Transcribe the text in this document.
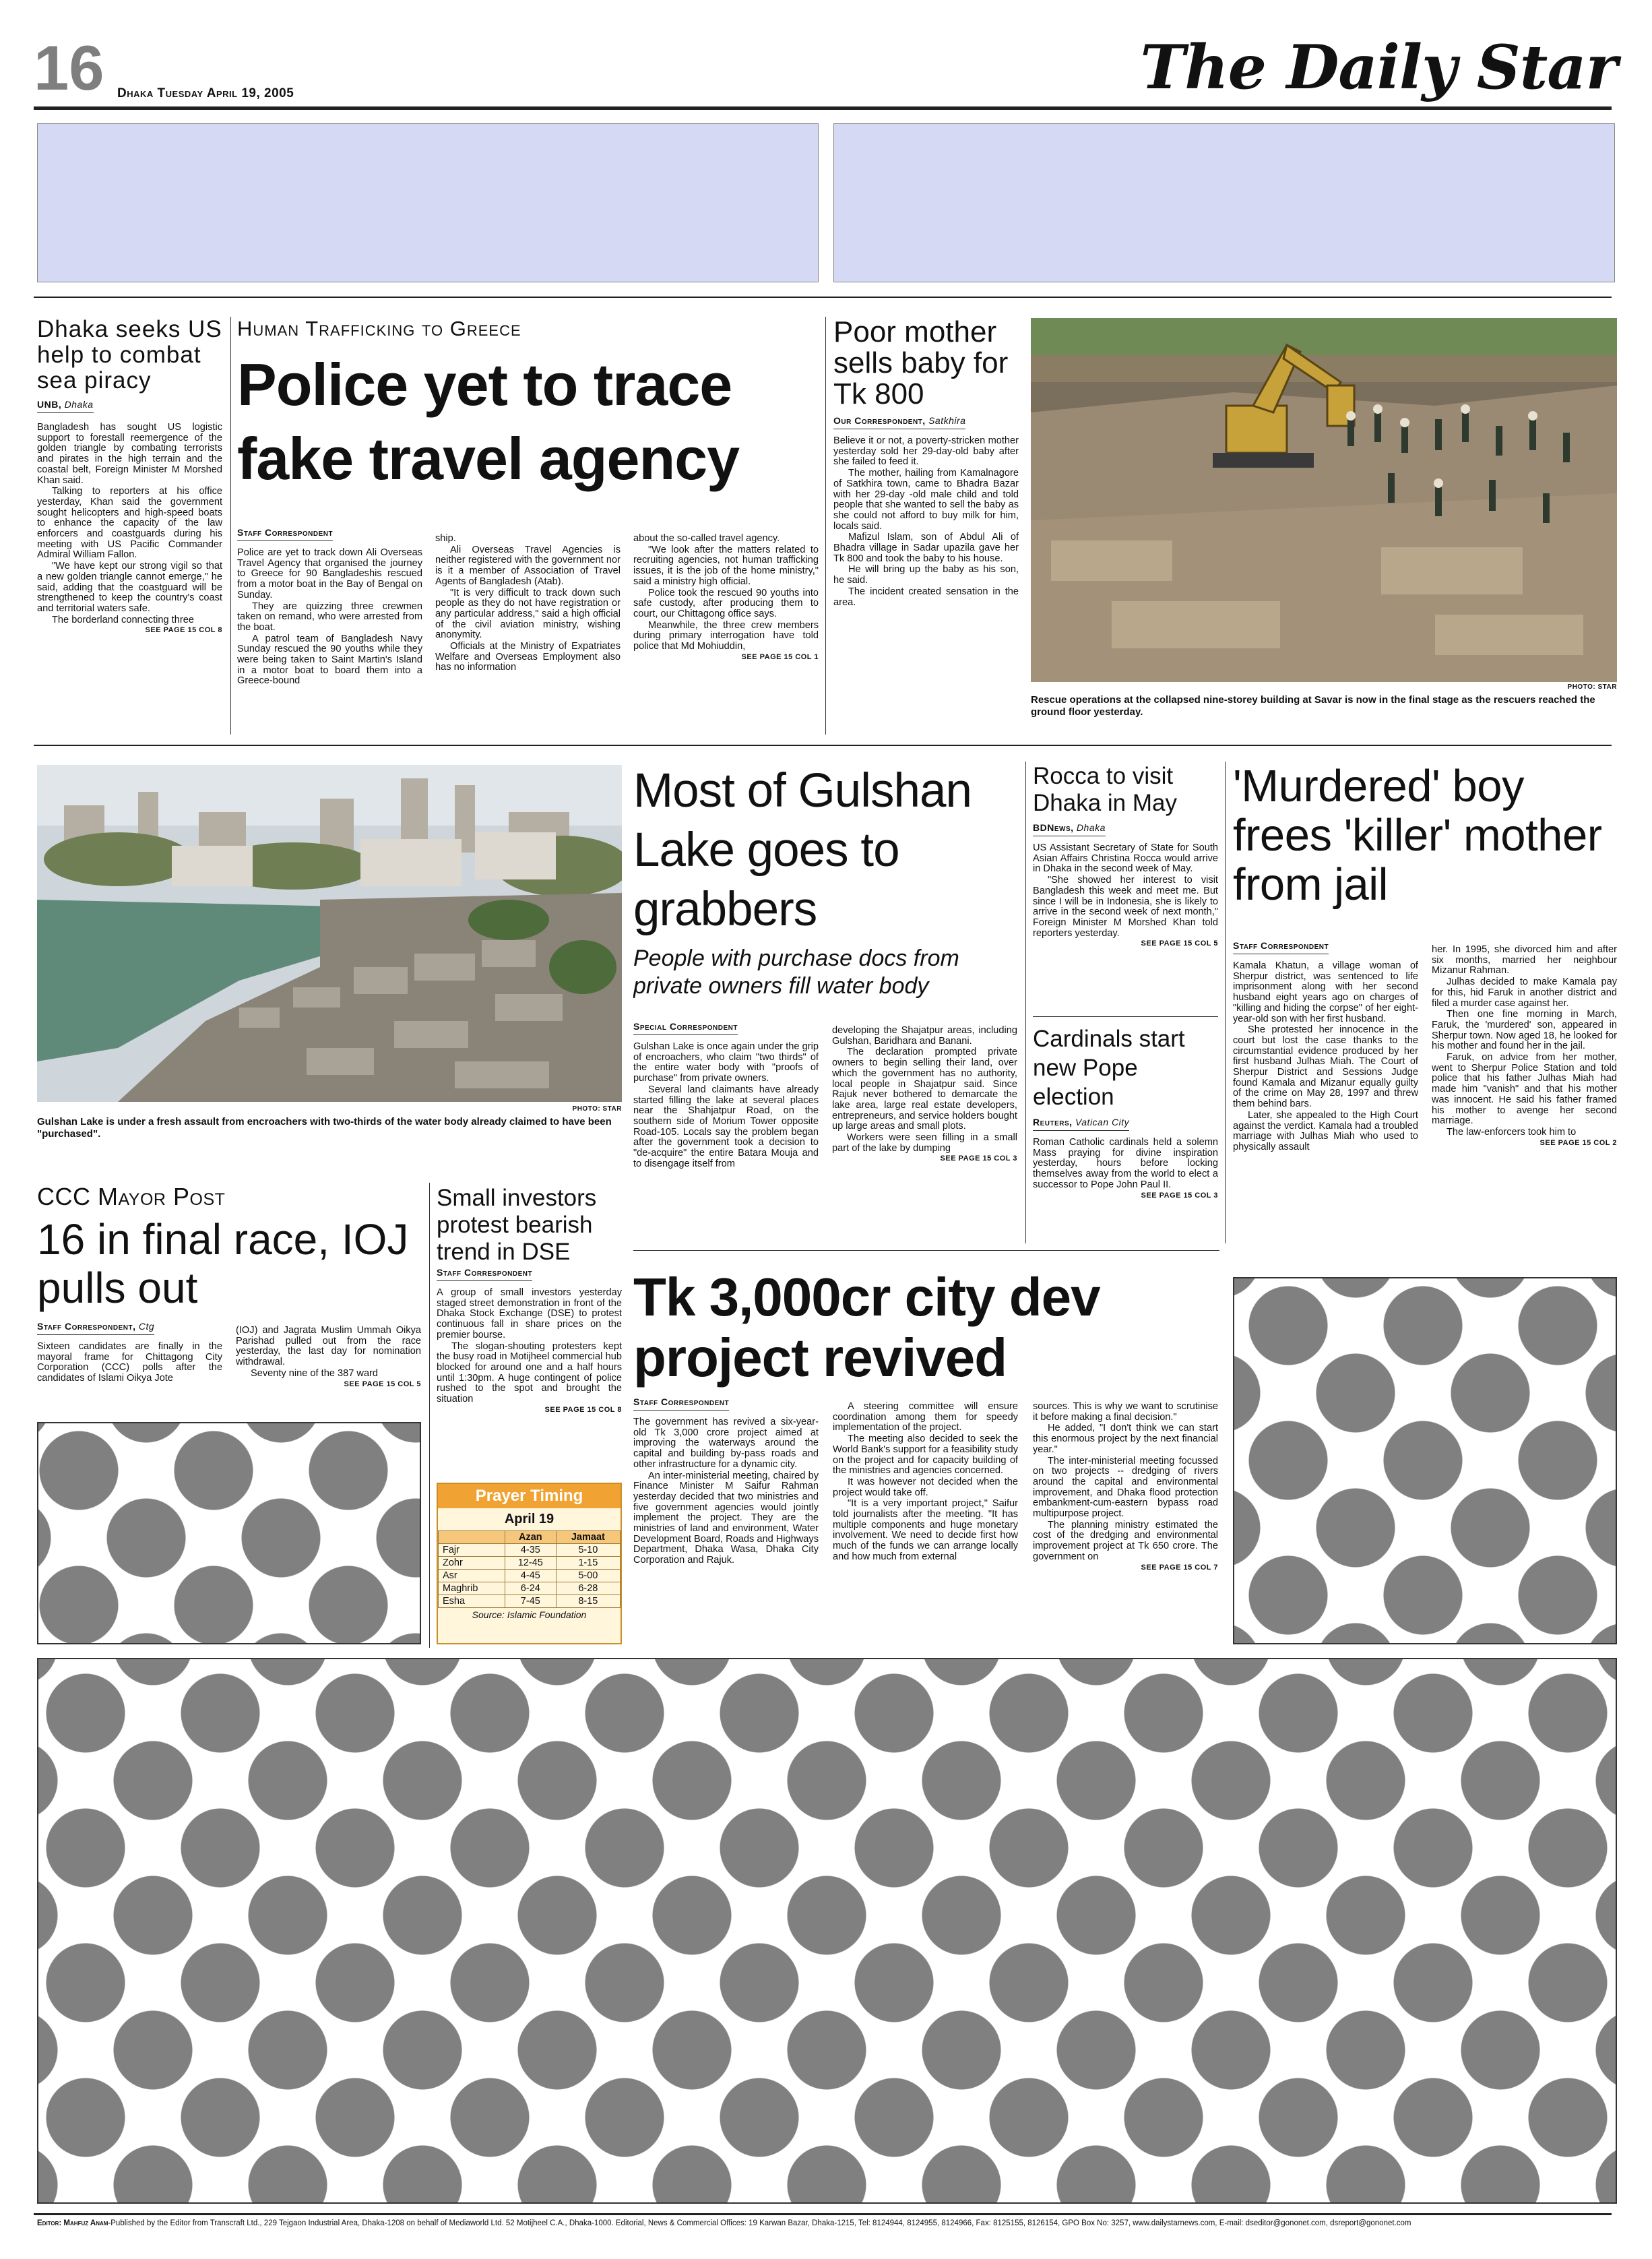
16 Dhaka Tuesday April 19, 2005	The Daily Star
Dhaka seeks US help to combat sea piracy
UNB, Dhaka

Bangladesh has sought US logistic support to forestall reemergence of the golden triangle by combating terrorists and pirates in the high terrain and the coastal belt, Foreign Minister M Morshed Khan said.

Talking to reporters at his office yesterday, Khan said the government sought helicopters and high-speed boats to enhance the capacity of the law enforcers and coastguards during his meeting with US Pacific Commander Admiral William Fallon.

"We have kept our strong vigil so that a new golden triangle cannot emerge," he said, adding that the coastguard will be strengthened to keep the country's coast and territorial waters safe.

The borderland connecting three

SEE PAGE 15 COL 8
Human Trafficking to Greece
Police yet to trace fake travel agency
Staff Correspondent

Police are yet to track down Ali Overseas Travel Agency that organised the journey to Greece for 90 Bangladeshis rescued from a motor boat in the Bay of Bengal on Sunday.

They are quizzing three crewmen taken on remand, who were arrested from the boat.

A patrol team of Bangladesh Navy Sunday rescued the 90 youths while they were being taken to Saint Martin's Island in a motor boat to board them into a Greece-bound

ship.

Ali Overseas Travel Agencies is neither registered with the government nor is it a member of Association of Travel Agents of Bangladesh (Atab).

"It is very difficult to track down such people as they do not have registration or any particular address," said a high official of the civil aviation ministry, wishing anonymity.

Officials at the Ministry of Expatriates Welfare and Overseas Employment also has no information

about the so-called travel agency.

"We look after the matters related to recruiting agencies, not human trafficking issues, it is the job of the home ministry," said a ministry high official.

Police took the rescued 90 youths into safe custody, after producing them to court, our Chittagong office says.

Meanwhile, the three crew members during primary interrogation have told police that Md Mohiuddin,

SEE PAGE 15 COL 1
Poor mother sells baby for Tk 800
Our Correspondent, Satkhira

Believe it or not, a poverty-stricken mother yesterday sold her 29-day-old baby after she failed to feed it.

The mother, hailing from Kamalnagore of Satkhira town, came to Bhadra Bazar with her 29-day -old male child and told people that she wanted to sell the baby as she could not afford to buy milk for him, locals said.

Mafizul Islam, son of Abdul Ali of Bhadra village in Sadar upazila gave her Tk 800 and took the baby to his house.

He will bring up the baby as his son, he said.

The incident created sensation in the area.

PHOTO: STAR
Rescue operations at the collapsed nine-storey building at Savar is now in the final stage as the rescuers reached the ground floor yesterday.
PHOTO: STAR
Gulshan Lake is under a fresh assault from encroachers with two-thirds of the water body already claimed to have been "purchased".
Most of Gulshan Lake goes to grabbers
People with purchase docs from private owners fill water body
Special Correspondent

Gulshan Lake is once again under the grip of encroachers, who claim "two thirds" of the entire water body with "proofs of purchase" from private owners.

Several land claimants have already started filling the lake at several places near the Shahjatpur Road, on the southern side of Morium Tower opposite Road-105. Locals say the problem began after the government took a decision to "de-acquire" the entire Batara Mouja and to disengage itself from

developing the Shajatpur areas, including Gulshan, Baridhara and Banani.

The declaration prompted private owners to begin selling their land, over which the government has no authority, local people in Shajatpur said. Since Rajuk never bothered to demarcate the lake area, large real estate developers, entrepreneurs, and service holders bought up large areas and small plots.

Workers were seen filling in a small part of the lake by dumping

SEE PAGE 15 COL 3
Rocca to visit Dhaka in May
BDNews, Dhaka

US Assistant Secretary of State for South Asian Affairs Christina Rocca would arrive in Dhaka in the second week of May.

"She showed her interest to visit Bangladesh this week and meet me. But since I will be in Indonesia, she is likely to arrive in the second week of next month," Foreign Minister M Morshed Khan told reporters yesterday.

SEE PAGE 15 COL 5
Cardinals start new Pope election
Reuters, Vatican City

Roman Catholic cardinals held a solemn Mass praying for divine inspiration yesterday, hours before locking themselves away from the world to elect a successor to Pope John Paul II.

SEE PAGE 15 COL 3
'Murdered' boy frees 'killer' mother from jail
Staff Correspondent

Kamala Khatun, a village woman of Sherpur district, was sentenced to life imprisonment along with her second husband eight years ago on charges of "killing and hiding the corpse" of her eight-year-old son with her first husband.

She protested her innocence in the court but lost the case thanks to the circumstantial evidence produced by her first husband Julhas Miah. The Court of Sherpur District and Sessions Judge found Kamala and Mizanur equally guilty of the crime on May 28, 1997 and threw them behind bars.

Later, she appealed to the High Court against the verdict. Kamala had a troubled marriage with Julhas Miah who used to physically assault

her. In 1995, she divorced him and after six months, married her neighbour Mizanur Rahman.

Julhas decided to make Kamala pay for this, hid Faruk in another district and filed a murder case against her.

Then one fine morning in March, Faruk, the 'murdered' son, appeared in Sherpur town. Now aged 18, he looked for his mother and found her in the jail.

Faruk, on advice from her mother, went to Sherpur Police Station and told police that his father Julhas Miah had made him "vanish" and that his mother was innocent. He said his father framed his mother to avenge her second marriage.

The law-enforcers took him to

SEE PAGE 15 COL 2
CCC Mayor Post
16 in final race, IOJ pulls out
Staff Correspondent, Ctg

Sixteen candidates are finally in the mayoral frame for Chittagong City Corporation (CCC) polls after the candidates of Islami Oikya Jote

(IOJ) and Jagrata Muslim Ummah Oikya Parishad pulled out from the race yesterday, the last day for nomination withdrawal.

Seventy nine of the 387 ward

SEE PAGE 15 COL 5
Small investors protest bearish trend in DSE
Staff Correspondent

A group of small investors yesterday staged street demonstration in front of the Dhaka Stock Exchange (DSE) to protest continuous fall in share prices on the premier bourse.

The slogan-shouting protesters kept the busy road in Motijheel commercial hub blocked for around one and a half hours until 1:30pm. A huge contingent of police rushed to the spot and brought the situation

SEE PAGE 15 COL 8
Prayer Timing
April 19
	Azan	Jamaat
Fajr	4-35	5-10
Zohr	12-45	1-15
Asr	4-45	5-00
Maghrib	6-24	6-28
Esha	7-45	8-15
Source: Islamic Foundation
Tk 3,000cr city dev project revived
Staff Correspondent

The government has revived a six-year-old Tk 3,000 crore project aimed at improving the waterways around the capital and building by-pass roads and other infrastructure for a dynamic city.

An inter-ministerial meeting, chaired by Finance Minister M Saifur Rahman yesterday decided that two ministries and five government agencies would jointly implement the project. They are the ministries of land and environment, Water Development Board, Roads and Highways Department, Dhaka Wasa, Dhaka City Corporation and Rajuk.

A steering committee will ensure coordination among them for speedy implementation of the project.

The meeting also decided to seek the World Bank's support for a feasibility study on the project and for capacity building of the ministries and agencies concerned.

It was however not decided when the project would take off.

"It is a very important project," Saifur told journalists after the meeting. "It has multiple components and huge monetary involvement. We need to decide first how much of the funds we can arrange locally and how much from external

sources. This is why we want to scrutinise it before making a final decision."

He added, "I don't think we can start this enormous project by the next financial year."

The inter-ministerial meeting focussed on two projects -- dredging of rivers around the capital and environmental improvement, and Dhaka flood protection embankment-cum-eastern bypass road multipurpose project.

The planning ministry estimated the cost of the dredging and environmental improvement project at Tk 650 crore. The government on

SEE PAGE 15 COL 7
Editor: Mahfuz Anam-Published by the Editor from Transcraft Ltd., 229 Tejgaon Industrial Area, Dhaka-1208 on behalf of Mediaworld Ltd. 52 Motijheel C.A., Dhaka-1000. Editorial, News & Commercial Offices: 19 Karwan Bazar, Dhaka-1215, Tel: 8124944, 8124955, 8124966, Fax: 8125155, 8126154, GPO Box No: 3257, www.dailystarnews.com, E-mail: dseditor@gononet.com, dsreport@gononet.com
